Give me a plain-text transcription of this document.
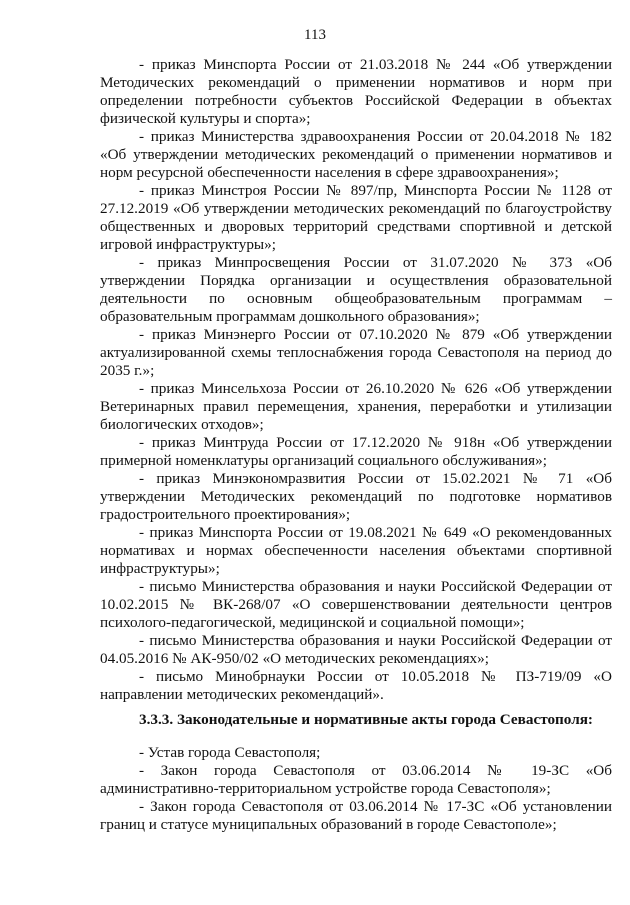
113

- приказ Минспорта России от 21.03.2018 № 244 «Об утверждении Методических рекомендаций о применении нормативов и норм при определении потребности субъектов Российской Федерации в объектах физической культуры и спорта»;

- приказ Министерства здравоохранения России от 20.04.2018 № 182 «Об утверждении методических рекомендаций о применении нормативов и норм ресурсной обеспеченности населения в сфере здравоохранения»;

- приказ Минстроя России № 897/пр, Минспорта России № 1128 от 27.12.2019 «Об утверждении методических рекомендаций по благоустройству общественных и дворовых территорий средствами спортивной и детской игровой инфраструктуры»;

- приказ Минпросвещения России от 31.07.2020 № 373 «Об утверждении Порядка организации и осуществления образовательной деятельности по основным общеобразовательным программам – образовательным программам дошкольного образования»;

- приказ Минэнерго России от 07.10.2020 № 879 «Об утверждении актуализированной схемы теплоснабжения города Севастополя на период до 2035 г.»;

- приказ Минсельхоза России от 26.10.2020 № 626 «Об утверждении Ветеринарных правил перемещения, хранения, переработки и утилизации биологических отходов»;

- приказ Минтруда России от 17.12.2020 № 918н «Об утверждении примерной номенклатуры организаций социального обслуживания»;

- приказ Минэкономразвития России от 15.02.2021 № 71 «Об утверждении Методических рекомендаций по подготовке нормативов градостроительного проектирования»;

- приказ Минспорта России от 19.08.2021 № 649 «О рекомендованных нормативах и нормах обеспеченности населения объектами спортивной инфраструктуры»;

- письмо Министерства образования и науки Российской Федерации от 10.02.2015 № ВК-268/07 «О совершенствовании деятельности центров психолого-педагогической, медицинской и социальной помощи»;

- письмо Министерства образования и науки Российской Федерации от 04.05.2016 № АК-950/02 «О методических рекомендациях»;

- письмо Минобрнауки России от 10.05.2018 № ПЗ-719/09 «О направлении методических рекомендаций».

3.3.3. Законодательные и нормативные акты города Севастополя:

- Устав города Севастополя;

- Закон города Севастополя от 03.06.2014 № 19-ЗС «Об административно-территориальном устройстве города Севастополя»;

- Закон города Севастополя от 03.06.2014 № 17-ЗС «Об установлении границ и статусе муниципальных образований в городе Севастополе»;
